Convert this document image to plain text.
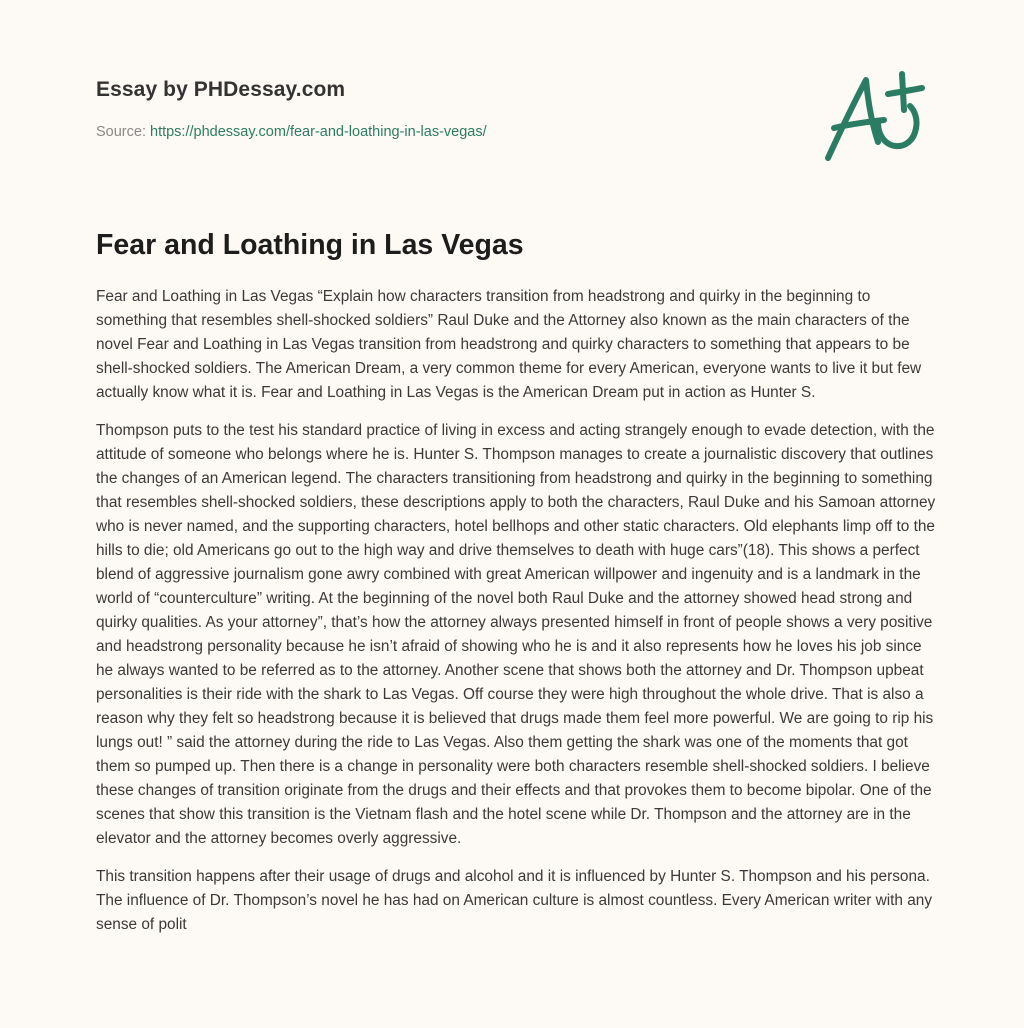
Essay by PHDessay.com
Source: https://phdessay.com/fear-and-loathing-in-las-vegas/
Fear and Loathing in Las Vegas

Fear and Loathing in Las Vegas “Explain how characters transition from headstrong and quirky in the beginning to something that resembles shell-shocked soldiers” Raul Duke and the Attorney also known as the main characters of the novel Fear and Loathing in Las Vegas transition from headstrong and quirky characters to something that appears to be shell-shocked soldiers. The American Dream, a very common theme for every American, everyone wants to live it but few actually know what it is. Fear and Loathing in Las Vegas is the American Dream put in action as Hunter S.

Thompson puts to the test his standard practice of living in excess and acting strangely enough to evade detection, with the attitude of someone who belongs where he is. Hunter S. Thompson manages to create a journalistic discovery that outlines the changes of an American legend. The characters transitioning from headstrong and quirky in the beginning to something that resembles shell-shocked soldiers, these descriptions apply to both the characters, Raul Duke and his Samoan attorney who is never named, and the supporting characters, hotel bellhops and other static characters. Old elephants limp off to the hills to die; old Americans go out to the high way and drive themselves to death with huge cars”(18). This shows a perfect blend of aggressive journalism gone awry combined with great American willpower and ingenuity and is a landmark in the world of “counterculture” writing. At the beginning of the novel both Raul Duke and the attorney showed head strong and quirky qualities. As your attorney”, that’s how the attorney always presented himself in front of people shows a very positive and headstrong personality because he isn’t afraid of showing who he is and it also represents how he loves his job since he always wanted to be referred as to the attorney. Another scene that shows both the attorney and Dr. Thompson upbeat personalities is their ride with the shark to Las Vegas. Off course they were high throughout the whole drive. That is also a reason why they felt so headstrong because it is believed that drugs made them feel more powerful. We are going to rip his lungs out! ” said the attorney during the ride to Las Vegas. Also them getting the shark was one of the moments that got them so pumped up. Then there is a change in personality were both characters resemble shell-shocked soldiers. I believe these changes of transition originate from the drugs and their effects and that provokes them to become bipolar. One of the scenes that show this transition is the Vietnam flash and the hotel scene while Dr. Thompson and the attorney are in the elevator and the attorney becomes overly aggressive.

This transition happens after their usage of drugs and alcohol and it is influenced by Hunter S. Thompson and his persona. The influence of Dr. Thompson’s novel he has had on American culture is almost countless. Every American writer with any sense of polit
